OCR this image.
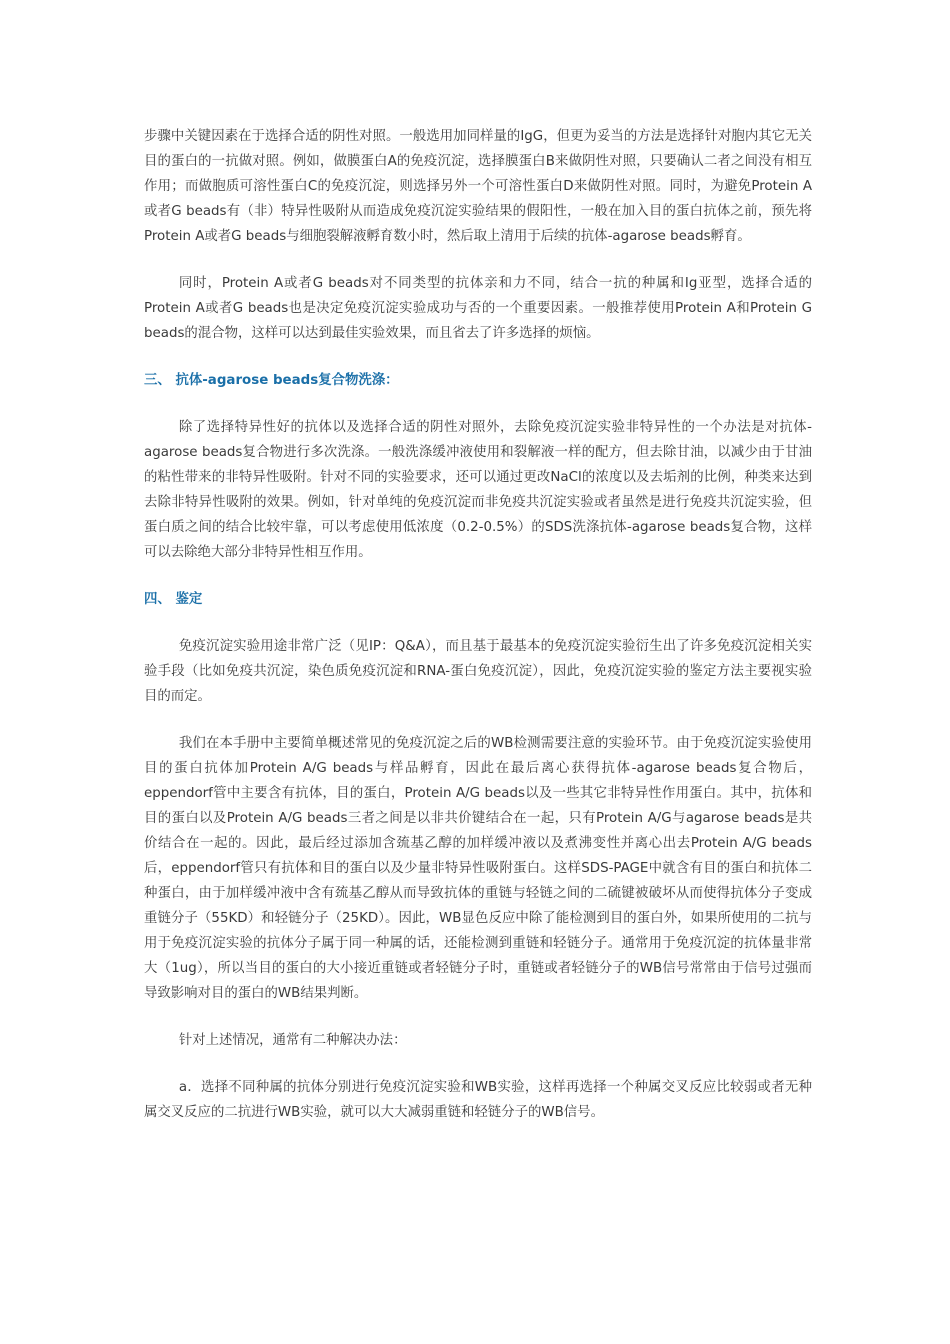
步骤中关键因素在于选择合适的阴性对照。一般选用加同样量的IgG，但更为妥当的方法是选择针对胞内其它无关目的蛋白的一抗做对照。例如，做膜蛋白A的免疫沉淀，选择膜蛋白B来做阴性对照，只要确认二者之间没有相互作用；而做胞质可溶性蛋白C的免疫沉淀，则选择另外一个可溶性蛋白D来做阴性对照。同时，为避免Protein A或者G beads有（非）特异性吸附从而造成免疫沉淀实验结果的假阳性，一般在加入目的蛋白抗体之前，预先将Protein A或者G beads与细胞裂解液孵育数小时，然后取上清用于后续的抗体-agarose beads孵育。

同时，Protein A或者G beads对不同类型的抗体亲和力不同，结合一抗的种属和Ig亚型，选择合适的Protein A或者G beads也是决定免疫沉淀实验成功与否的一个重要因素。一般推荐使用Protein A和Protein G beads的混合物，这样可以达到最佳实验效果，而且省去了许多选择的烦恼。

三、 抗体-agarose beads复合物洗涤：

除了选择特异性好的抗体以及选择合适的阴性对照外，去除免疫沉淀实验非特异性的一个办法是对抗体-agarose beads复合物进行多次洗涤。一般洗涤缓冲液使用和裂解液一样的配方，但去除甘油，以减少由于甘油的粘性带来的非特异性吸附。针对不同的实验要求，还可以通过更改NaCl的浓度以及去垢剂的比例，种类来达到去除非特异性吸附的效果。例如，针对单纯的免疫沉淀而非免疫共沉淀实验或者虽然是进行免疫共沉淀实验，但蛋白质之间的结合比较牢靠，可以考虑使用低浓度（0.2-0.5%）的SDS洗涤抗体-agarose beads复合物，这样可以去除绝大部分非特异性相互作用。

四、 鉴定

免疫沉淀实验用途非常广泛（见IP：Q&A），而且基于最基本的免疫沉淀实验衍生出了许多免疫沉淀相关实验手段（比如免疫共沉淀，染色质免疫沉淀和RNA-蛋白免疫沉淀），因此，免疫沉淀实验的鉴定方法主要视实验目的而定。

我们在本手册中主要简单概述常见的免疫沉淀之后的WB检测需要注意的实验环节。由于免疫沉淀实验使用目的蛋白抗体加Protein A/G beads与样品孵育，因此在最后离心获得抗体-agarose beads复合物后，eppendorf管中主要含有抗体，目的蛋白，Protein A/G beads以及一些其它非特异性作用蛋白。其中，抗体和目的蛋白以及Protein A/G beads三者之间是以非共价键结合在一起，只有Protein A/G与agarose beads是共价结合在一起的。因此，最后经过添加含巯基乙醇的加样缓冲液以及煮沸变性并离心出去Protein A/G beads后，eppendorf管只有抗体和目的蛋白以及少量非特异性吸附蛋白。这样SDS-PAGE中就含有目的蛋白和抗体二种蛋白，由于加样缓冲液中含有巯基乙醇从而导致抗体的重链与轻链之间的二硫键被破坏从而使得抗体分子变成重链分子（55KD）和轻链分子（25KD）。因此，WB显色反应中除了能检测到目的蛋白外，如果所使用的二抗与用于免疫沉淀实验的抗体分子属于同一种属的话，还能检测到重链和轻链分子。通常用于免疫沉淀的抗体量非常大（1ug），所以当目的蛋白的大小接近重链或者轻链分子时，重链或者轻链分子的WB信号常常由于信号过强而导致影响对目的蛋白的WB结果判断。

针对上述情况，通常有二种解决办法：

a．选择不同种属的抗体分别进行免疫沉淀实验和WB实验，这样再选择一个种属交叉反应比较弱或者无种属交叉反应的二抗进行WB实验，就可以大大减弱重链和轻链分子的WB信号。
